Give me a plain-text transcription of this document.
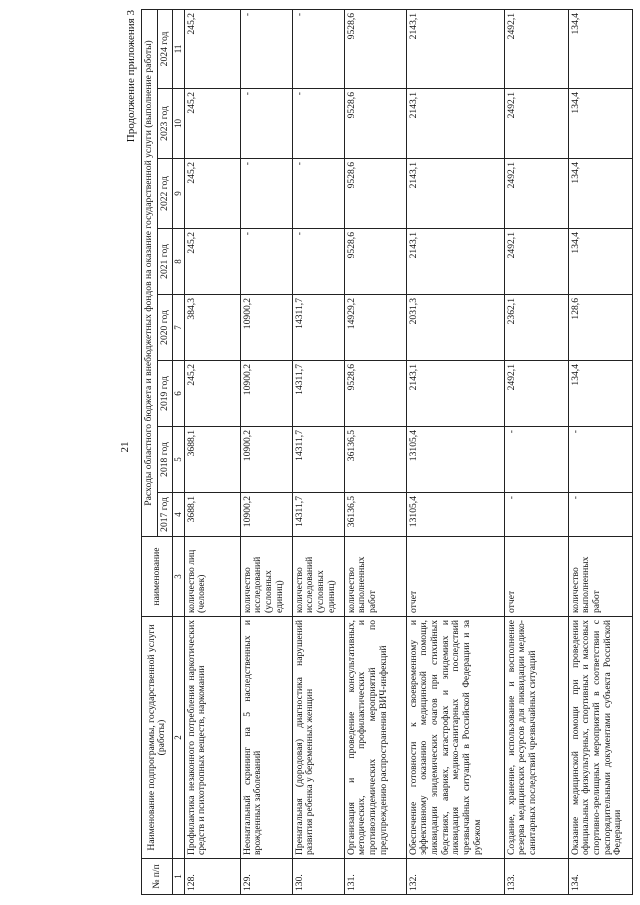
21
Продолжение приложения 3
№ п/п	Наименование подпрограммы, государственной услуги (работы)	наименование	Расходы областного бюджета и внебюджетных фондов на оказание государственной услуги (выполнение работы)							
			2017 год	2018 год	2019 год	2020 год	2021 год	2022 год	2023 год	2024 год
1	2	3	4	5	6	7	8	9	10	11
128.	Профилактика незаконного потребления наркотических средств и психотропных веществ, наркомании	количество лиц (человек)	3688,1	3688,1	245,2	384,3	245,2	245,2	245,2	245,2
129.	Неонатальный скрининг на 5 наследственных и врожденных заболеваний	количество исследований (условных единиц)	10900,2	10900,2	10900,2	10900,2	-	-	-	-
130.	Пренатальная (дородовая) диагностика нарушений развития ребенка у беременных женщин	количество исследований (условных единиц)	14311,7	14311,7	14311,7	14311,7	-	-	-	-
131.	Организация и проведение консультативных, методических, профилактических и противоэпидемических мероприятий по предупреждению распространения ВИЧ-инфекций	количество выполненных работ	36136,5	36136,5	9528,6	14929,2	9528,6	9528,6	9528,6	9528,6
132.	Обеспечение готовности к своевременному и эффективному оказанию медицинской помощи, ликвидации эпидемических очагов при стихийных бедствиях, авариях, катастрофах и эпидемиях и ликвидация медико-санитарных последствий чрезвычайных ситуаций в Российской Федерации и за рубежом	отчет	13105,4	13105,4	2143,1	2031,3	2143,1	2143,1	2143,1	2143,1
133.	Создание, хранение, использование и восполнение резерва медицинских ресурсов для ликвидации медико-санитарных последствий чрезвычайных ситуаций	отчет	-	-	2492,1	2362,1	2492,1	2492,1	2492,1	2492,1
134.	Оказание медицинской помощи при проведении официальных физкультурных, спортивных и массовых спортивно-зрелищных мероприятий в соответствии с распорядительными документами субъекта Российской Федерации	количество выполненных работ	-	-	134,4	128,6	134,4	134,4	134,4	134,4
